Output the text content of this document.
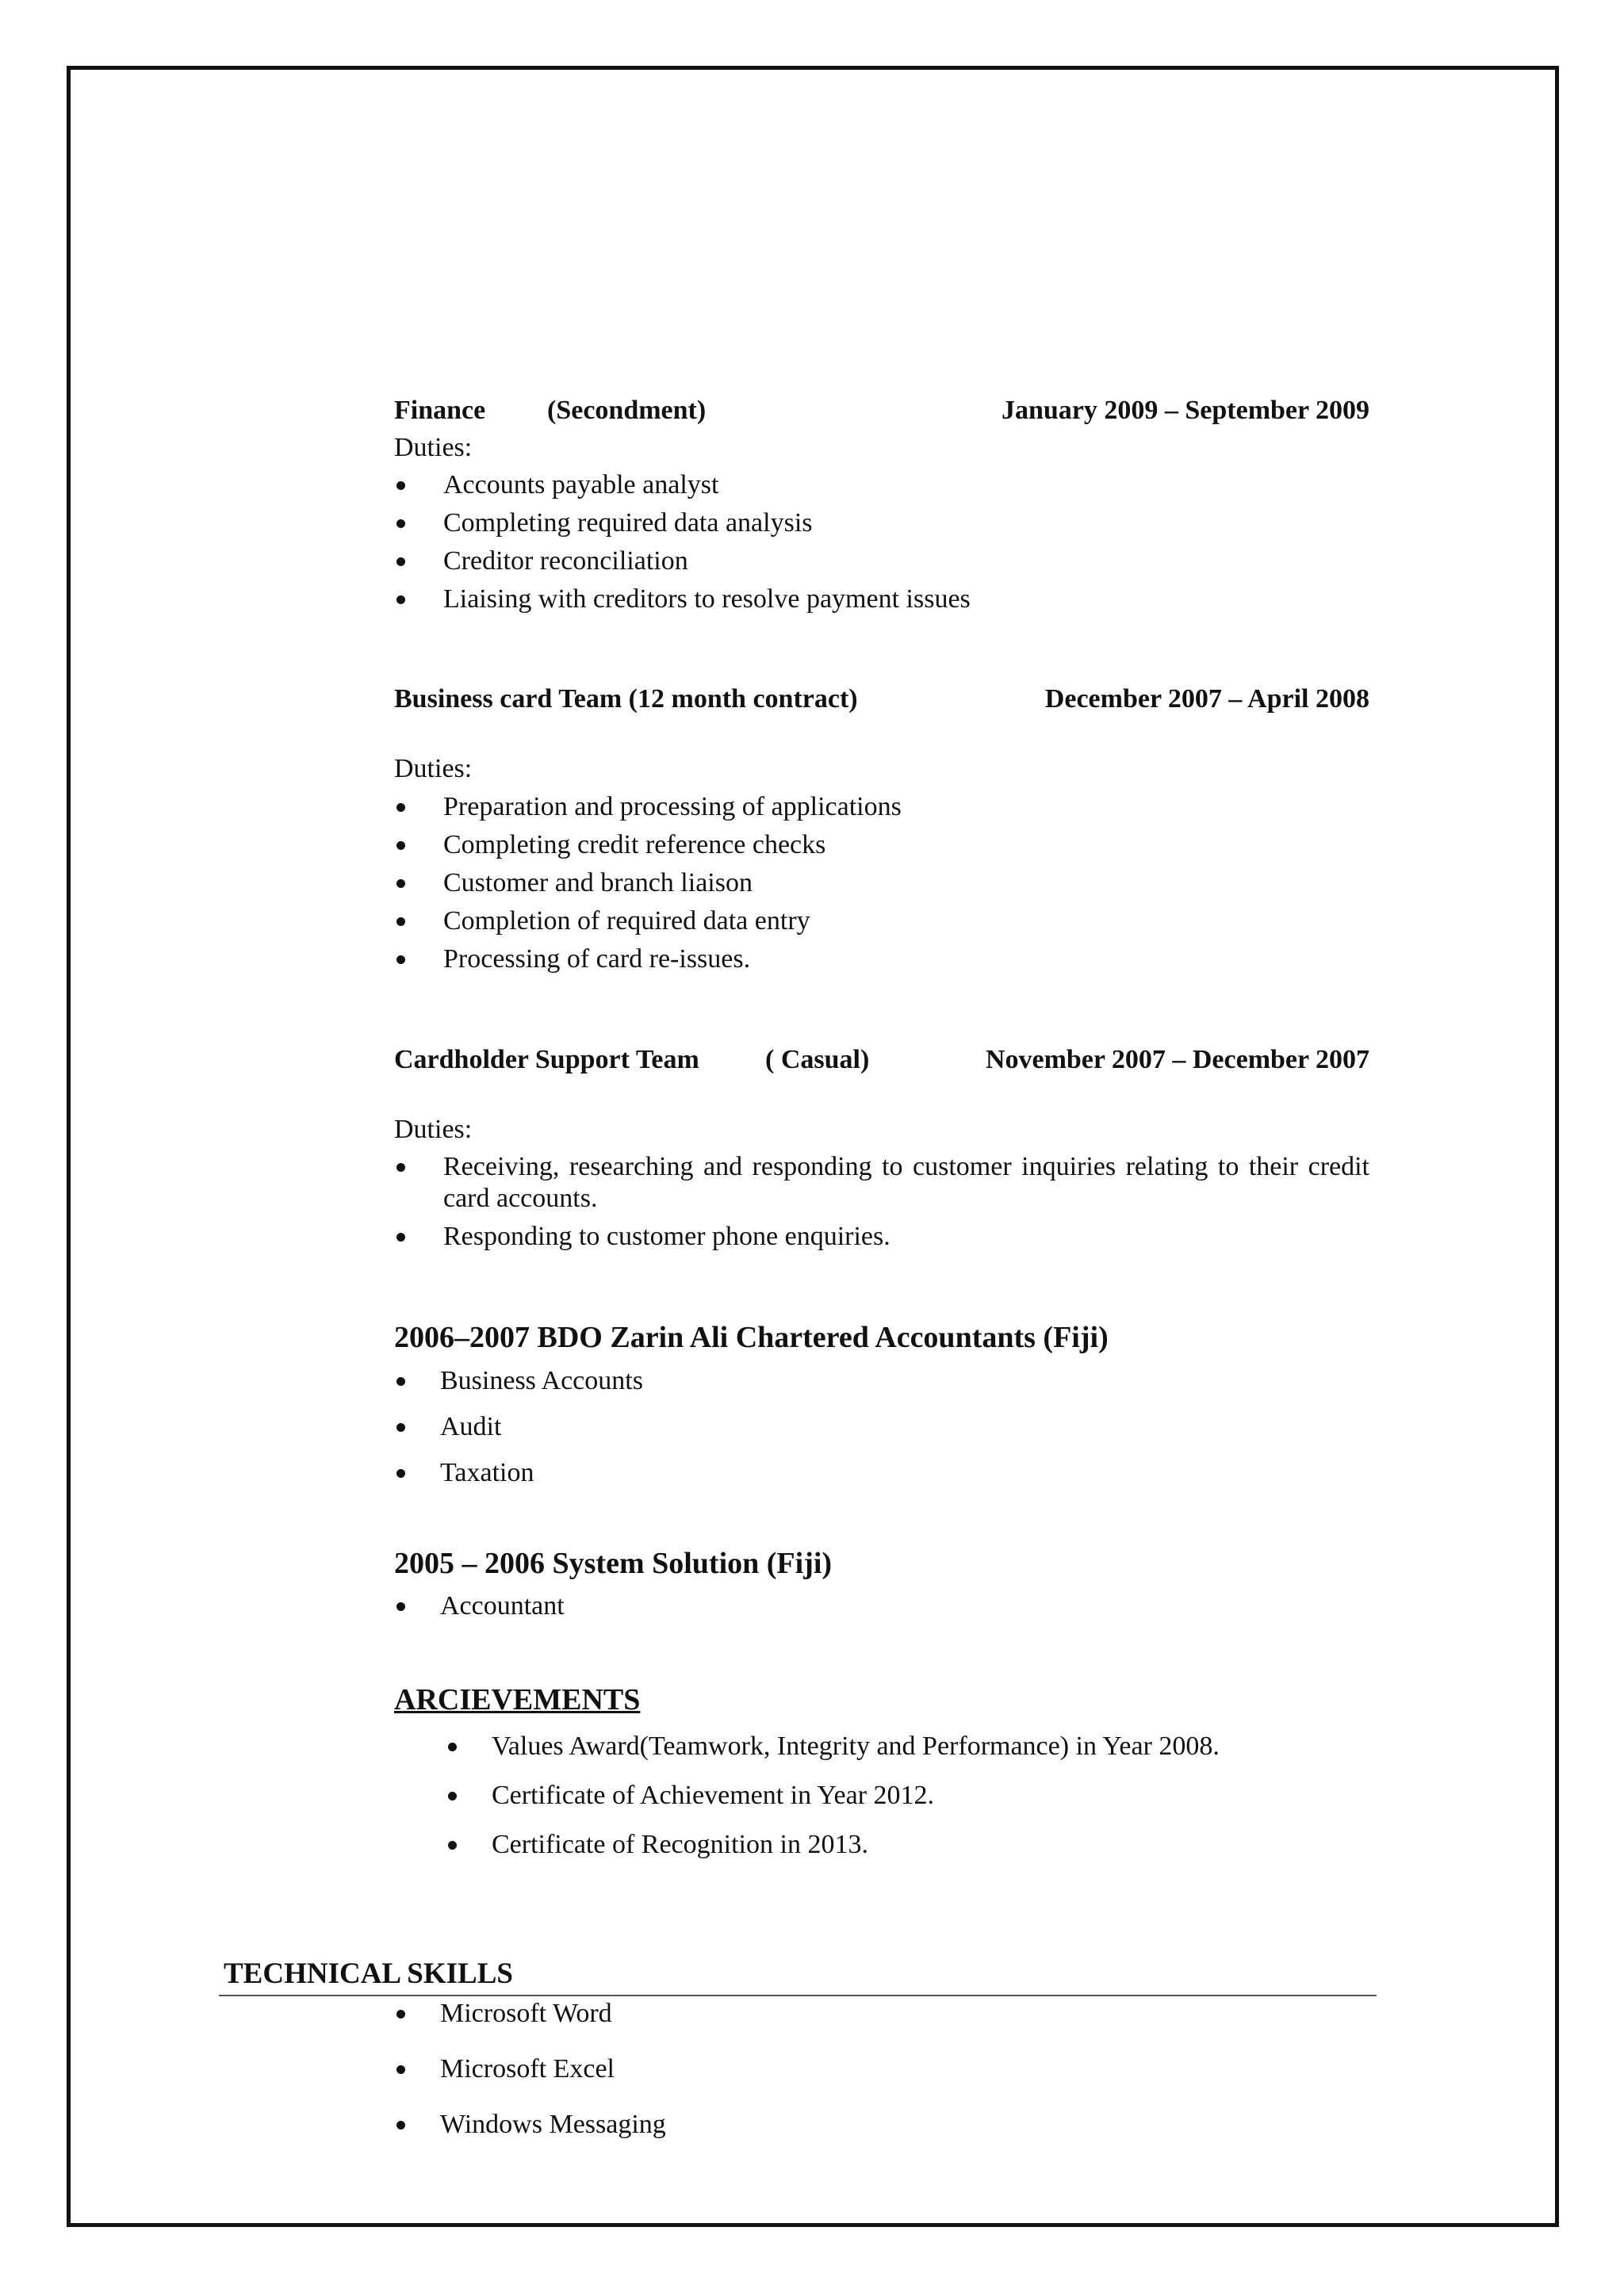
Finance (Secondment)	January 2009 – September 2009
Duties:
Accounts payable analyst
Completing required data analysis
Creditor reconciliation
Liaising with creditors to resolve payment issues
Business card Team (12 month contract)	December 2007 – April 2008
Duties:
Preparation and processing of applications
Completing credit reference checks
Customer and branch liaison
Completion of required data entry
Processing of card re-issues.
Cardholder Support Team ( Casual)	November 2007 – December 2007
Duties:
Receiving, researching and responding to customer inquiries relating to their credit card accounts.
Responding to customer phone enquiries.
2006–2007 BDO Zarin Ali Chartered Accountants (Fiji)
Business Accounts
Audit
Taxation
2005 – 2006 System Solution (Fiji)
Accountant
ARCIEVEMENTS
Values Award(Teamwork, Integrity and Performance) in Year 2008.
Certificate of Achievement in Year 2012.
Certificate of Recognition in 2013.
TECHNICAL SKILLS
Microsoft Word
Microsoft Excel
Windows Messaging
